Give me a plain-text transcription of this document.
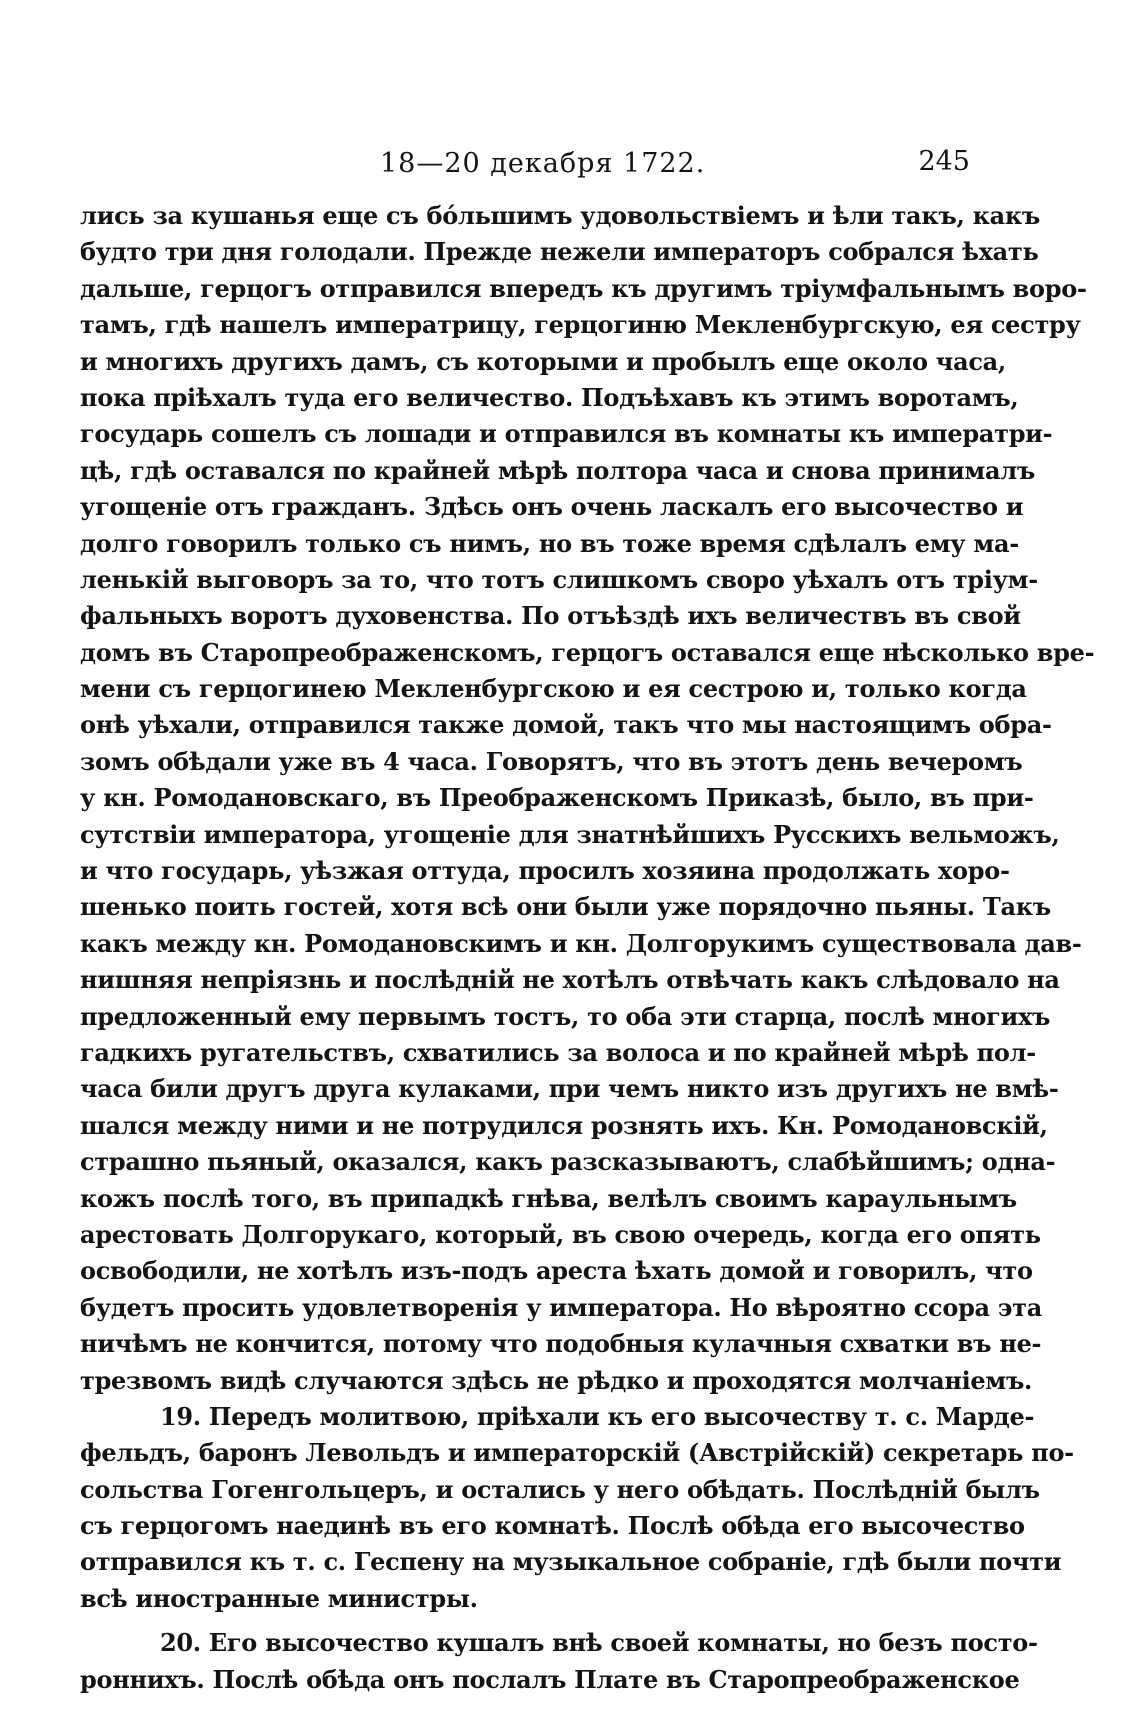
18—20 декабря 1722.	245
лись за кушанья еще съ бо́льшимъ удовольствіемъ и ѣли такъ, какъ
будто три дня голодали. Прежде нежели императоръ собрался ѣхать
дальше, герцогъ отправился впередъ къ другимъ тріумфальнымъ воро-
тамъ, гдѣ нашелъ императрицу, герцогиню Мекленбургскую, ея сестру
и многихъ другихъ дамъ, съ которыми и пробылъ еще около часа,
пока пріѣхалъ туда его величество. Подъѣхавъ къ этимъ воротамъ,
государь сошелъ съ лошади и отправился въ комнаты къ императри-
цѣ, гдѣ оставался по крайней мѣрѣ полтора часа и снова принималъ
угощеніе отъ гражданъ. Здѣсь онъ очень ласкалъ его высочество и
долго говорилъ только съ нимъ, но въ тоже время сдѣлалъ ему ма-
ленькій выговоръ за то, что тотъ слишкомъ сворo уѣхалъ отъ тріум-
фальныхъ воротъ духовенства. По отъѣздѣ ихъ величествъ въ свой
домъ въ Старопреображенскомъ, герцогъ оставался еще нѣсколько вре-
мени съ герцогинею Мекленбургскою и ея сестрою и, только когда
онѣ уѣхали, отправился также домой, такъ что мы настоящимъ обра-
зомъ обѣдали уже въ 4 часа. Говорятъ, что въ этотъ день вечеромъ
у кн. Ромодановскаго, въ Преображенскомъ Приказѣ, было, въ при-
сутствіи императора, угощеніе для знатнѣйшихъ Русскихъ вельможъ,
и что государь, уѣзжая оттуда, просилъ хозяина продолжать хоро-
шенько поить гостей, хотя всѣ они были уже порядочно пьяны. Такъ
какъ между кн. Ромодановскимъ и кн. Долгорукимъ существовала дав-
нишняя непріязнь и послѣдній не хотѣлъ отвѣчать какъ слѣдовало на
предложенный ему первымъ тостъ, то оба эти старца, послѣ многихъ
гадкихъ ругательствъ, схватились за волоса и по крайней мѣрѣ пол-
часа били другъ друга кулаками, при чемъ никто изъ другихъ не вмѣ-
шался между ними и не потрудился рознять ихъ. Кн. Ромодановскій,
страшно пьяный, оказался, какъ разсказываютъ, слабѣйшимъ; одна-
кожъ послѣ того, въ припадкѣ гнѣва, велѣлъ своимъ караульнымъ
арестовать Долгорукаго, который, въ свою очередь, когда его опять
освободили, не хотѣлъ изъ-подъ ареста ѣхать домой и говорилъ, что
будетъ просить удовлетворенія у императора. Но вѣроятно ссора эта
ничѣмъ не кончится, потому что подобныя кулачныя схватки въ не-
трезвомъ видѣ случаются здѣсь не рѣдко и проходятся молчаніемъ.
19. Передъ молитвою, пріѣхали къ его высочеству т. с. Марде-
фельдъ, баронъ Левольдъ и императорскій (Австрійскій) секретарь по-
сольства Гогенгольцеръ, и остались у него обѣдать. Послѣдній былъ
съ герцогомъ наединѣ въ его комнатѣ. Послѣ обѣда его высочество
отправился къ т. с. Геспену на музыкальное собраніе, гдѣ были почти
всѣ иностранные министры.
20. Его высочество кушалъ внѣ своей комнаты, но безъ посто-
роннихъ. Послѣ обѣда онъ послалъ Плате въ Старопреображенское
